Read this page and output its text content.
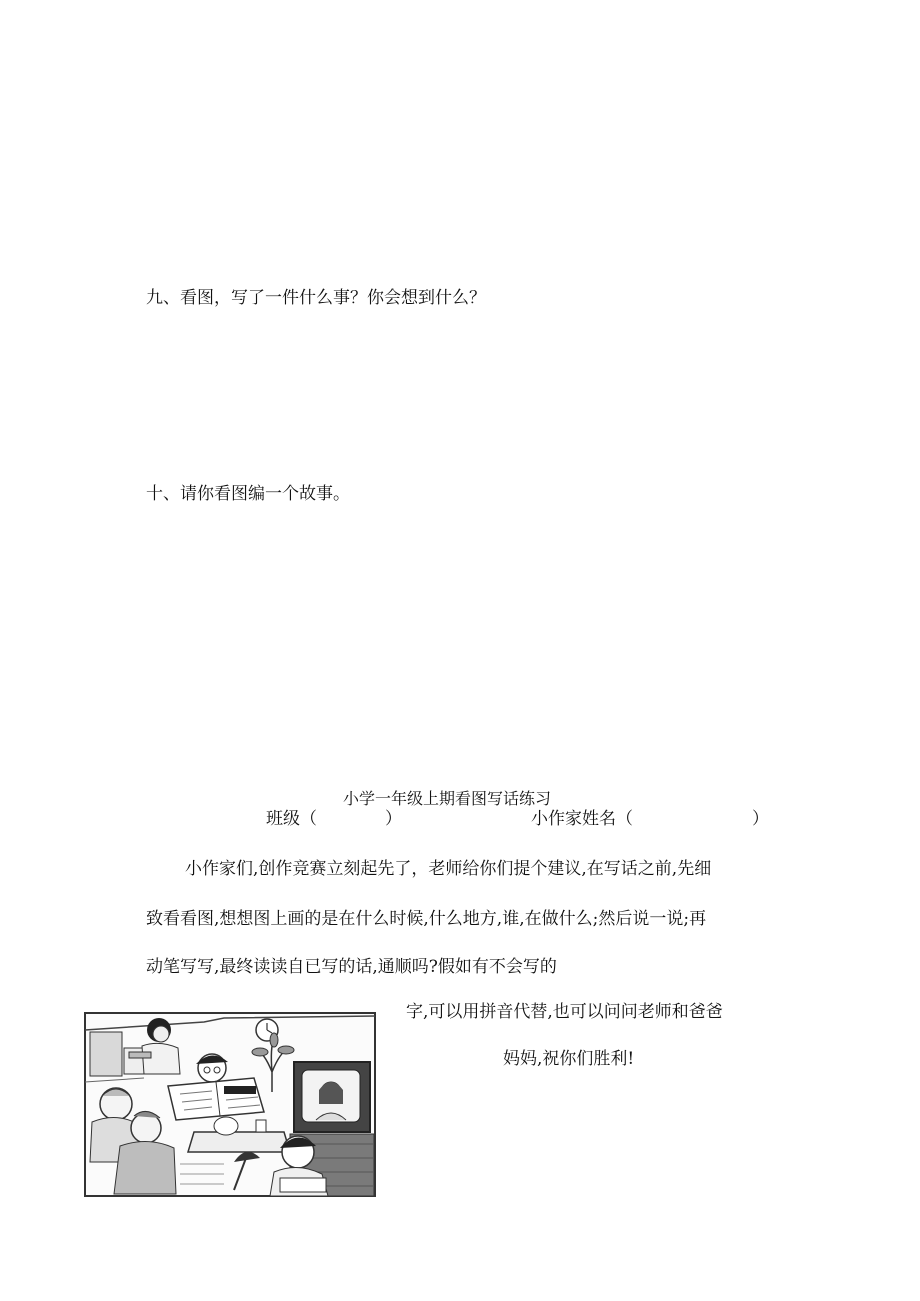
九、看图，写了一件什么事？你会想到什么？
十、请你看图编一个故事。
小学一年级上期看图写话练习
班级（　　　　）	小作家姓名（　　　　　　　）
小作家们,创作竞赛立刻起先了，老师给你们提个建议,在写话之前,先细
致看看图,想想图上画的是在什么时候,什么地方,谁,在做什么;然后说一说;再
动笔写写,最终读读自已写的话,通顺吗?假如有不会写的
字,可以用拼音代替,也可以问问老师和爸爸
妈妈,祝你们胜利!
